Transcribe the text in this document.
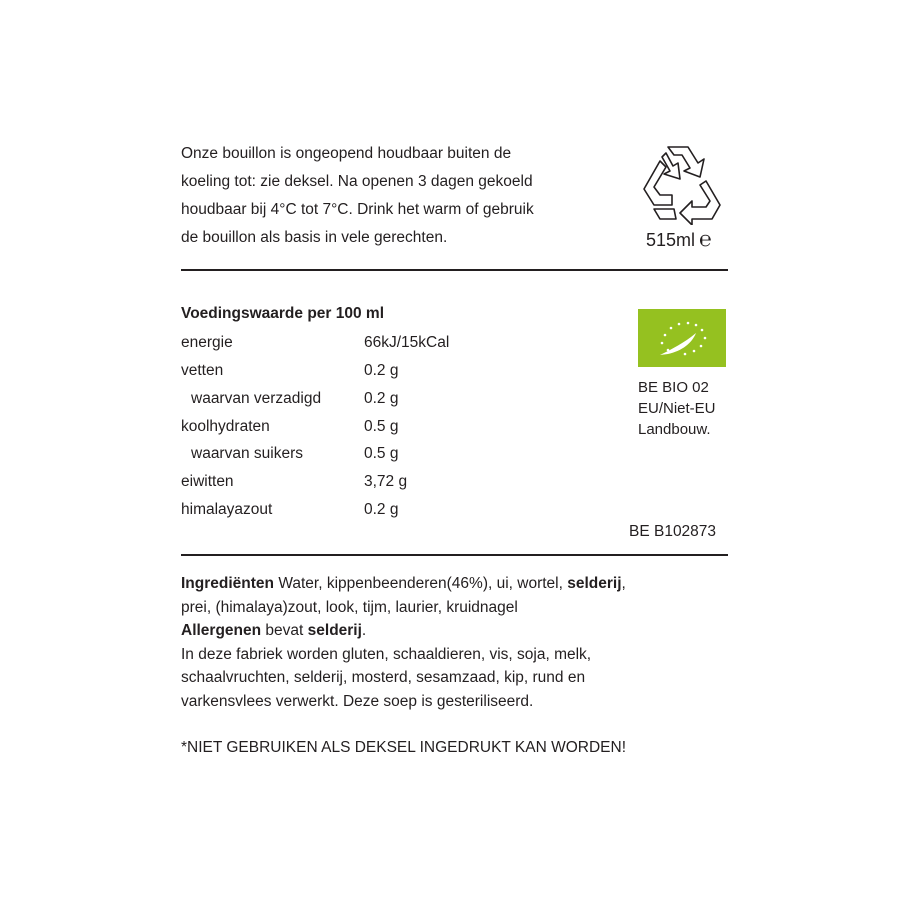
Onze bouillon is ongeopend houdbaar buiten de

koeling tot: zie deksel. Na openen 3 dagen gekoeld

houdbaar bij 4°C tot 7°C. Drink het warm of gebruik

de bouillon als basis in vele gerechten.	515ml ℮
Voedingswaarde per 100 ml
energie	66kJ/15kCal
vetten	0.2 g
waarvan verzadigd	0.2 g
koolhydraten	0.5 g
waarvan suikers	0.5 g
eiwitten	3,72 g
himalayazout	0.2 g
BE BIO 02
EU/Niet-EU
Landbouw.
BE B102873

Ingrediënten Water, kippenbeenderen(46%), ui, wortel, selderij,

prei, (himalaya)zout, look, tijm, laurier, kruidnagel

Allergenen bevat selderij.

In deze fabriek worden gluten, schaaldieren, vis, soja, melk,

schaalvruchten, selderij, mosterd, sesamzaad, kip, rund en

varkensvlees verwerkt. Deze soep is gesteriliseerd.

*NIET GEBRUIKEN ALS DEKSEL INGEDRUKT KAN WORDEN!
